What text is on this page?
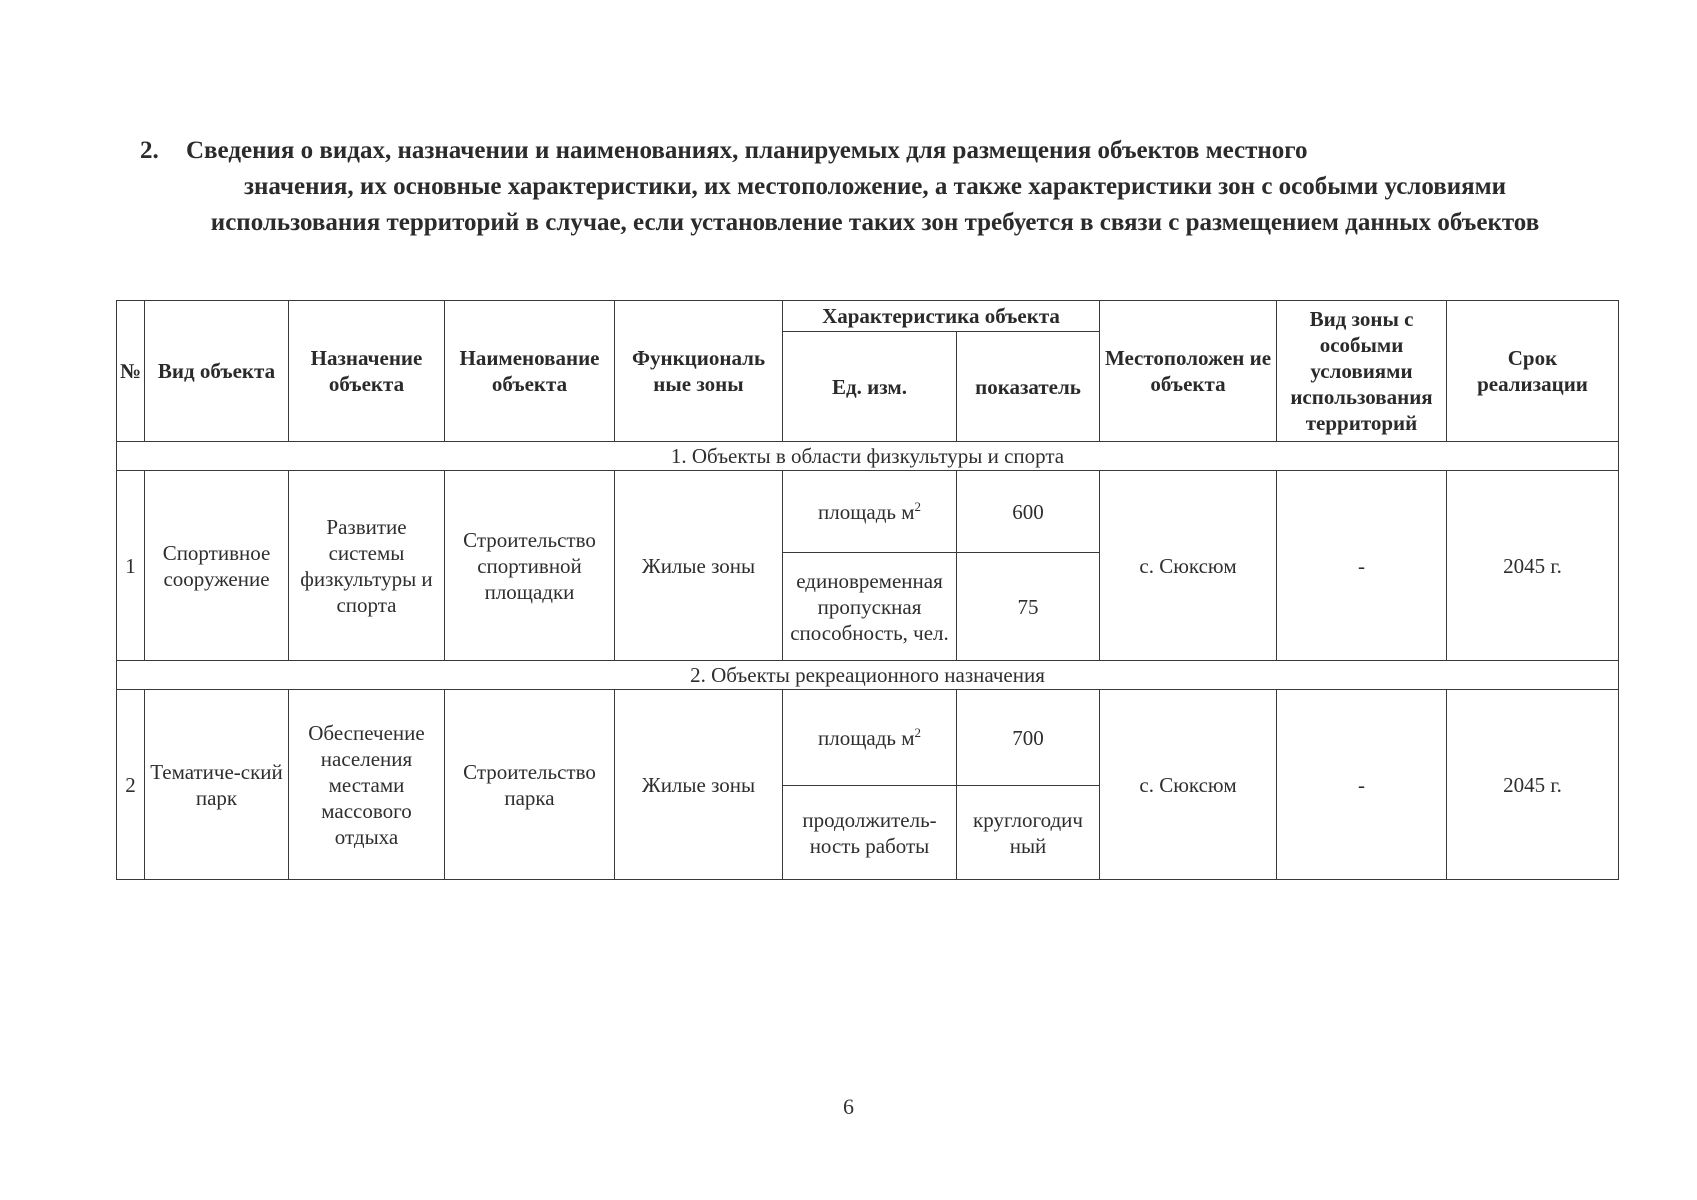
2. Сведения о видах, назначении и наименованиях, планируемых для размещения объектов местного
значения, их основные характеристики, их местоположение, а также характеристики зон с особыми условиями использования территорий в случае, если установление таких зон требуется в связи с размещением данных объектов
№	Вид объекта	Назначение объекта	Наименование объекта	Функциональ ные зоны	Характеристика объекта		Местоположен ие объекта	Вид зоны с особыми условиями использования территорий	Срок реализации
					Ед. изм.	показатель			
1. Объекты в области физкультуры и спорта									
1	Спортивное сооружение	Развитие системы физкультуры и спорта	Строительство спортивной площадки	Жилые зоны	площадь $м^2$	600	с. Сюксюм	-	2045 г.
					единовременная пропускная способность, чел.	75			
2. Объекты рекреационного назначения									
2	Тематиче-ский парк	Обеспечение населения местами массового отдыха	Строительство парка	Жилые зоны	площадь $м^2$	700	с. Сюксюм	-	2045 г.
					продолжитель-ность работы	круглогодич ный			
6
